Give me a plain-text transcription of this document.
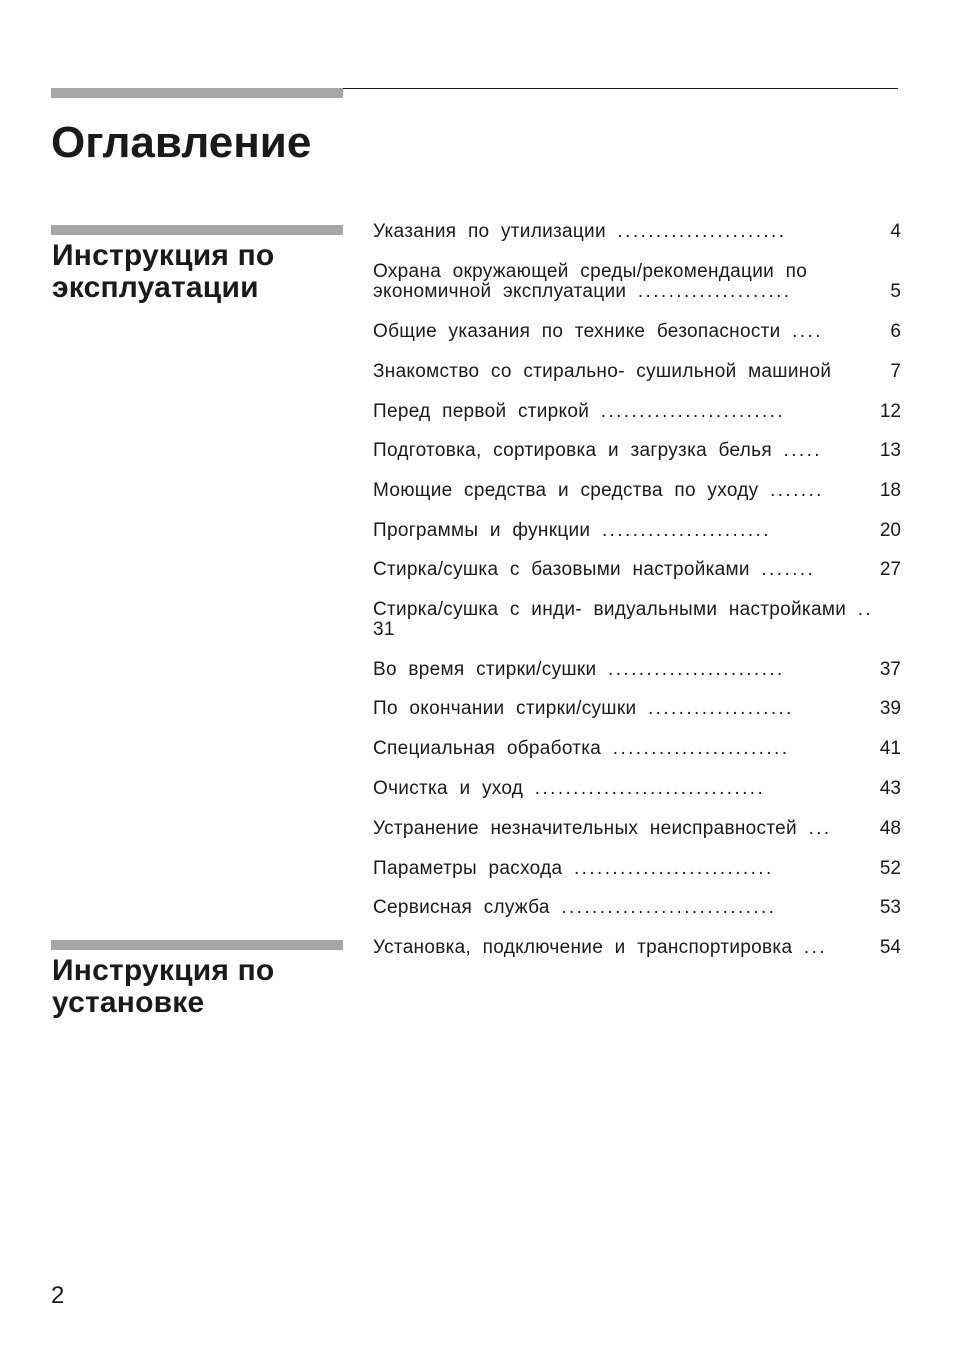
Оглавление
Инструкция по
эксплуатации
Инструкция по
установке
Указания по утилизации ......................	4
Охрана окружающей среды/рекомендации по
экономичной эксплуатации ....................	5
Общие указания по технике безопасности ....	6
Знакомство со стирально- сушильной машиной	7
Перед первой стиркой ........................	12
Подготовка, сортировка и загрузка белья .....	13
Моющие средства и средства по уходу .......	18
Программы и функции ......................	20
Стирка/сушка с базовыми настройками .......	27
Стирка/сушка с инди- видуальными настройками ..
31
Во время стирки/сушки .......................	37
По окончании стирки/сушки ...................	39
Специальная обработка .......................	41
Очистка и уход ..............................	43
Устранение незначительных неисправностей ...	48
Параметры расхода ..........................	52
Сервисная служба ............................	53
Установка, подключение и транспортировка ...	54
2
